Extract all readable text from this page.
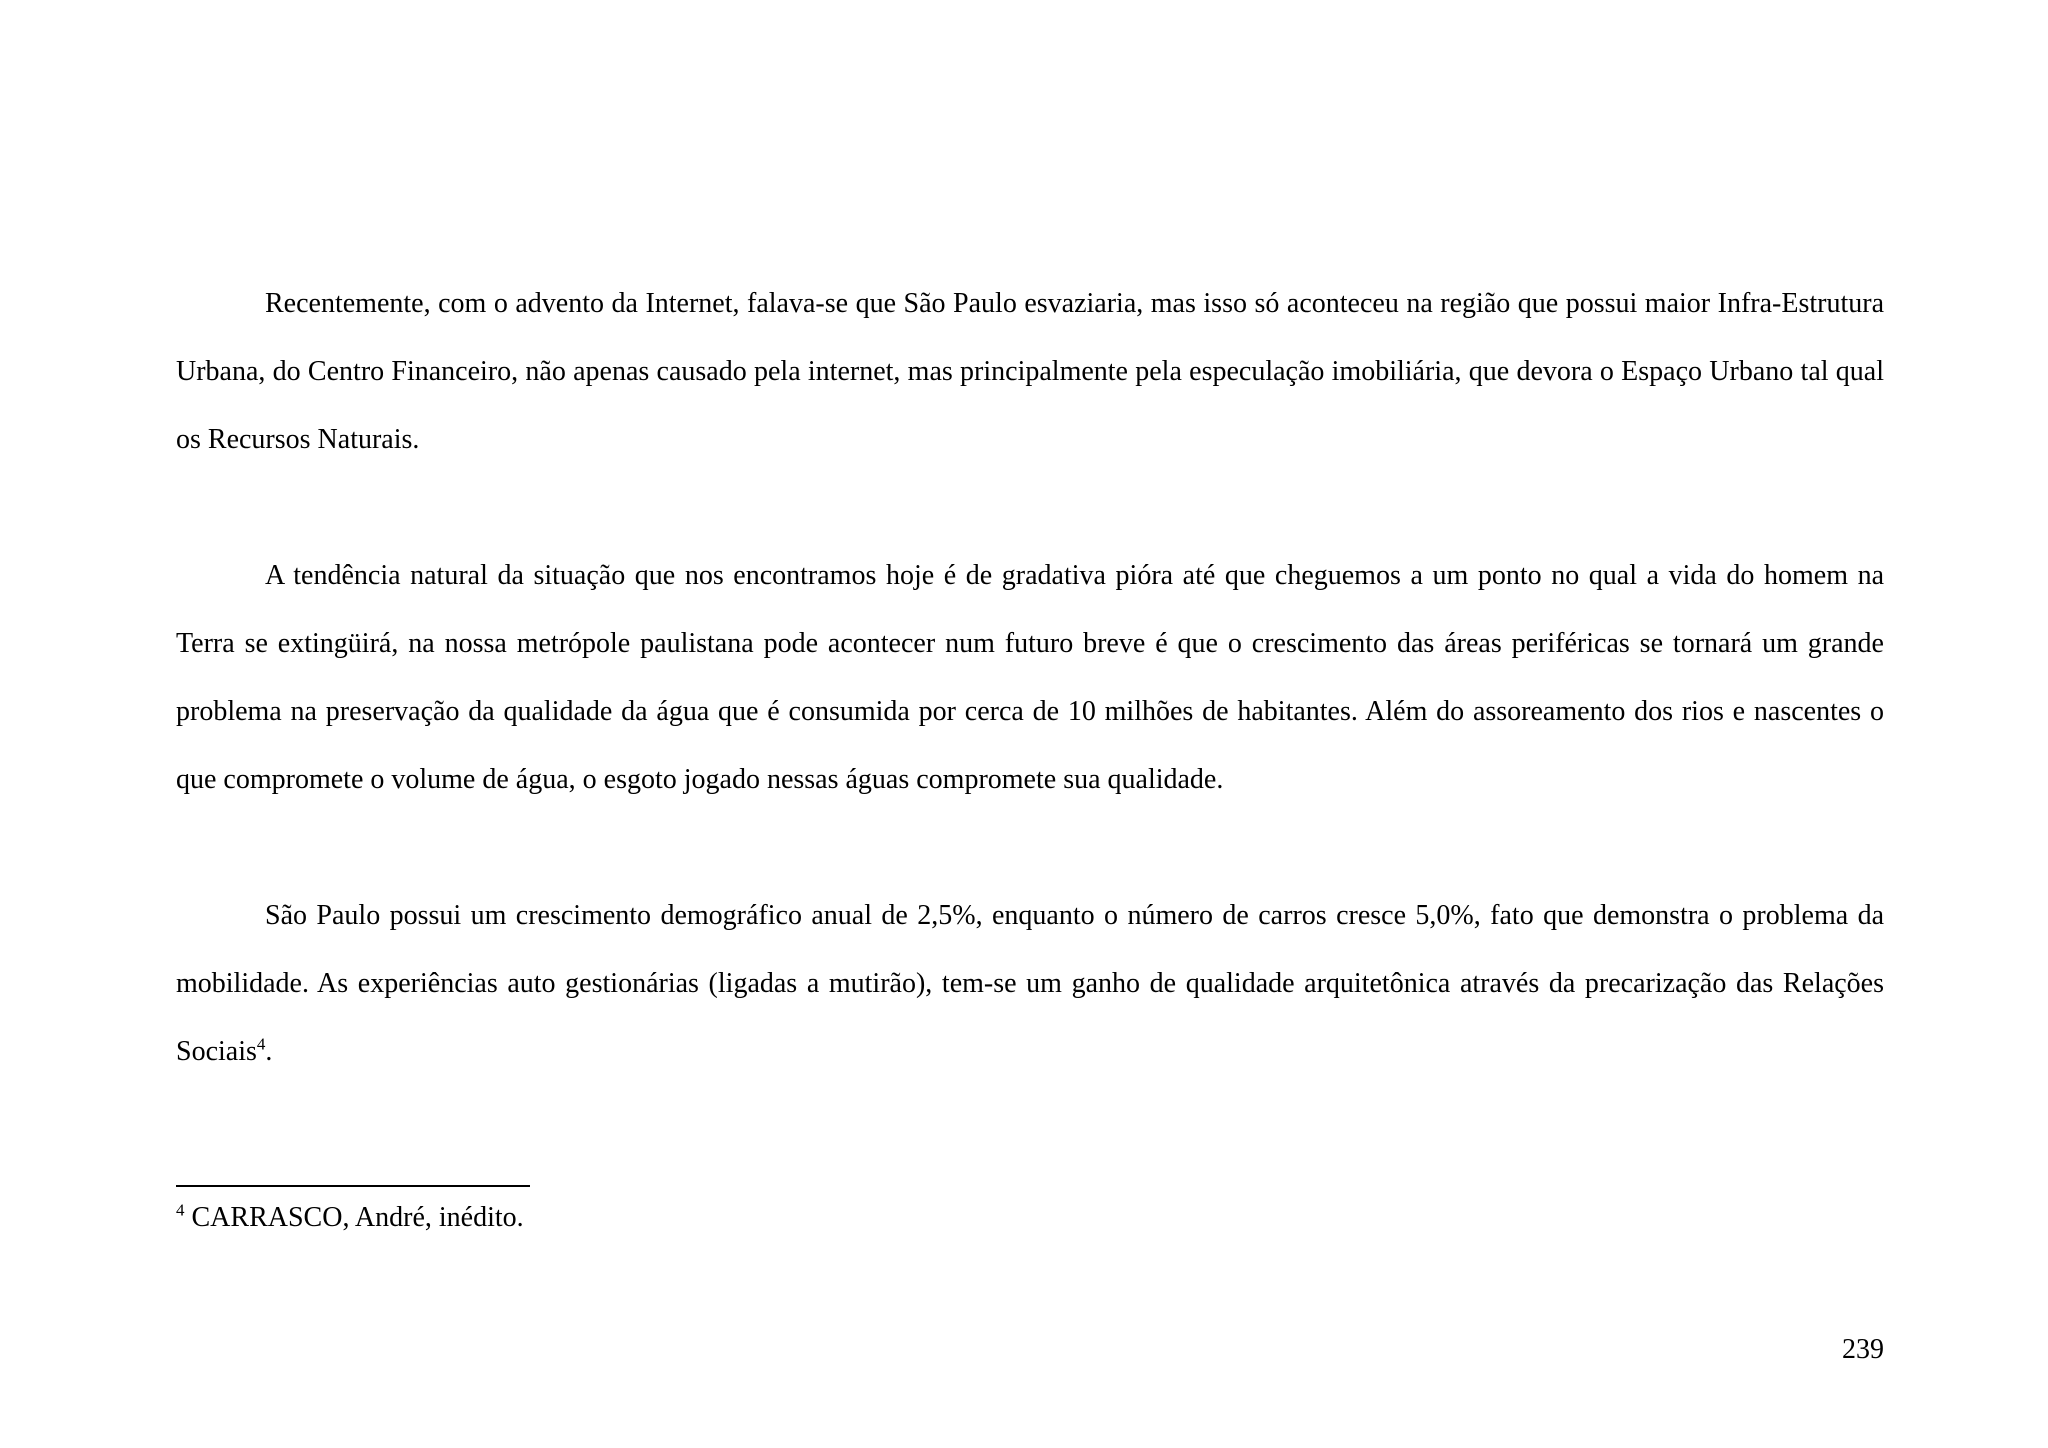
Recentemente, com o advento da Internet, falava-se que São Paulo esvaziaria, mas isso só aconteceu na região que possui maior Infra-Estrutura Urbana, do Centro Financeiro, não apenas causado pela internet, mas principalmente pela especulação imobiliária, que devora o Espaço Urbano tal qual os Recursos Naturais.

A tendência natural da situação que nos encontramos hoje é de gradativa pióra até que cheguemos a um ponto no qual a vida do homem na Terra se extingüirá, na nossa metrópole paulistana pode acontecer num futuro breve é que o crescimento das áreas periféricas se tornará um grande problema na preservação da qualidade da água que é consumida por cerca de 10 milhões de habitantes. Além do assoreamento dos rios e nascentes o que compromete o volume de água, o esgoto jogado nessas águas compromete sua qualidade.

São Paulo possui um crescimento demográfico anual de 2,5%, enquanto o número de carros cresce 5,0%, fato que demonstra o problema da mobilidade. As experiências auto gestionárias (ligadas a mutirão), tem-se um ganho de qualidade arquitetônica através da precarização das Relações Sociais$^4$.

$^4$ CARRASCO, André, inédito.

239
